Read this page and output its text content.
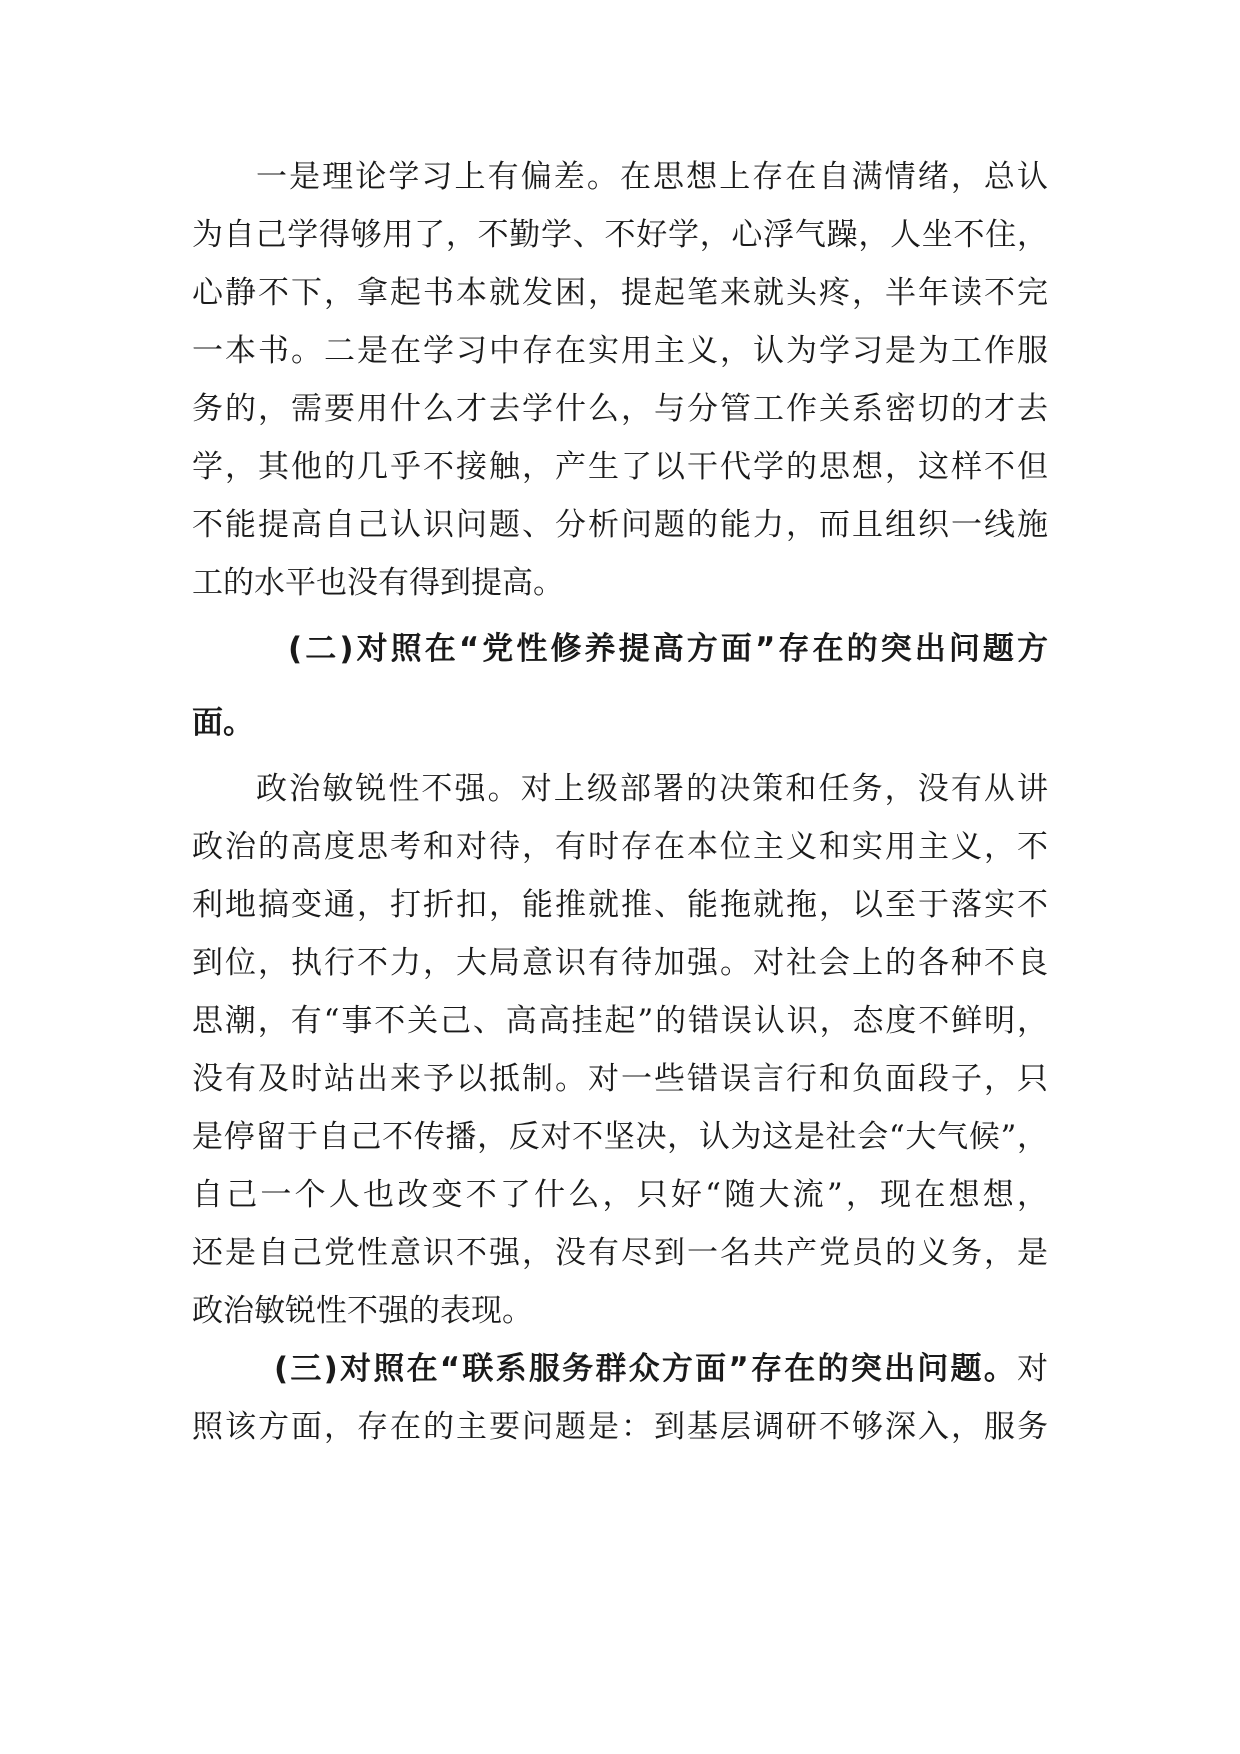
一是理论学习上有偏差。在思想上存在自满情绪，总认
为自己学得够用了，不勤学、不好学，心浮气躁，人坐不住，
心静不下，拿起书本就发困，提起笔来就头疼，半年读不完
一本书。二是在学习中存在实用主义，认为学习是为工作服
务的，需要用什么才去学什么，与分管工作关系密切的才去
学，其他的几乎不接触，产生了以干代学的思想，这样不但
不能提高自己认识问题、分析问题的能力，而且组织一线施
工的水平也没有得到提高。
(二)对照在“党性修养提高方面”存在的突出问题方
面。
政治敏锐性不强。对上级部署的决策和任务，没有从讲
政治的高度思考和对待，有时存在本位主义和实用主义，不
利地搞变通，打折扣，能推就推、能拖就拖，以至于落实不
到位，执行不力，大局意识有待加强。对社会上的各种不良
思潮，有“事不关己、高高挂起”的错误认识，态度不鲜明，
没有及时站出来予以抵制。对一些错误言行和负面段子，只
是停留于自己不传播，反对不坚决，认为这是社会“大气候”，
自己一个人也改变不了什么，只好“随大流”，现在想想，
还是自己党性意识不强，没有尽到一名共产党员的义务，是
政治敏锐性不强的表现。
(三)对照在“联系服务群众方面”存在的突出问题。对
照该方面，存在的主要问题是：到基层调研不够深入，服务
